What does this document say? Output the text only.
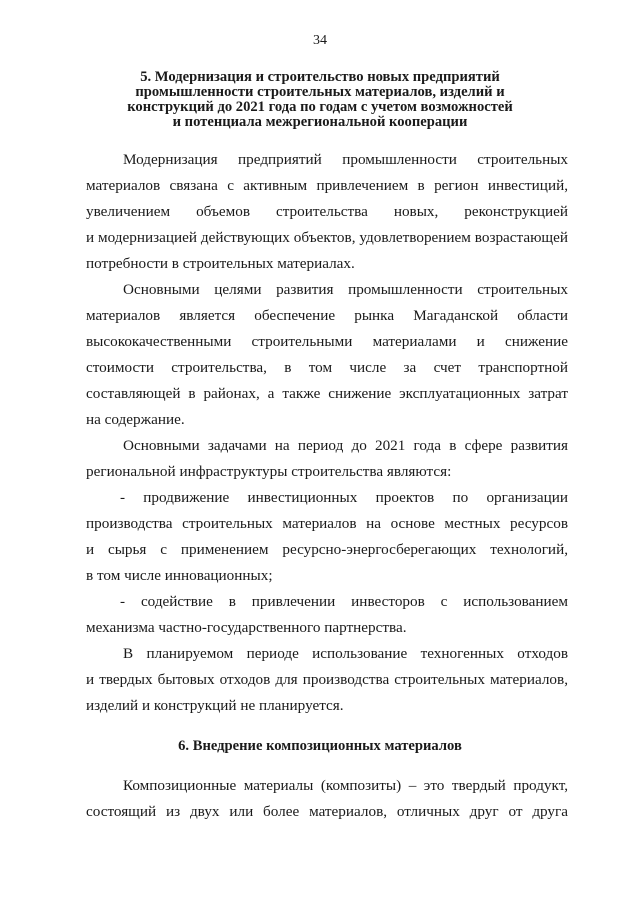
34
5. Модернизация и строительство новых предприятий
промышленности строительных материалов, изделий и
конструкций до 2021 года по годам с учетом возможностей
и потенциала межрегиональной кооперации
Модернизация предприятий промышленности строительных
материалов связана с активным привлечением в регион инвестиций,
увеличением объемов строительства новых, реконструкцией
и модернизацией действующих объектов, удовлетворением возрастающей
потребности в строительных материалах.
Основными целями развития промышленности строительных
материалов является обеспечение рынка Магаданской области
высококачественными строительными материалами и снижение
стоимости строительства, в том числе за счет транспортной
составляющей в районах, а также снижение эксплуатационных затрат
на содержание.
Основными задачами на период до 2021 года в сфере развития
региональной инфраструктуры строительства являются:
- продвижение инвестиционных проектов по организации
производства строительных материалов на основе местных ресурсов
и сырья с применением ресурсно-энергосберегающих технологий,
в том числе инновационных;
- содействие в привлечении инвесторов с использованием
механизма частно-государственного партнерства.
В планируемом периоде использование техногенных отходов
и твердых бытовых отходов для производства строительных материалов,
изделий и конструкций не планируется.
6. Внедрение композиционных материалов
Композиционные материалы (композиты) – это твердый продукт,
состоящий из двух или более материалов, отличных друг от друга
